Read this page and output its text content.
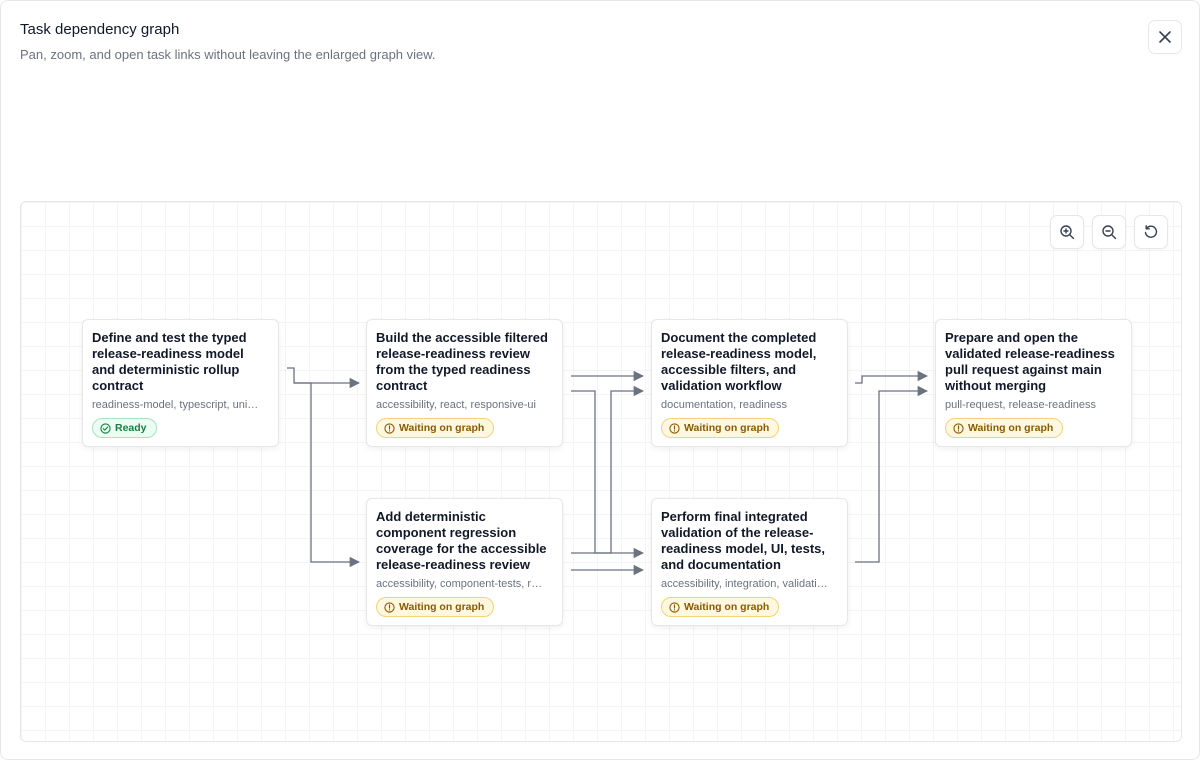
Task dependency graph
Pan, zoom, and open task links without leaving the enlarged graph view.
Define and test the typed release-readiness model and deterministic rollup contract
readiness-model, typescript, uni…
Ready
Build the accessible filtered release-readiness review from the typed readiness contract
accessibility, react, responsive-ui
Waiting on graph
Add deterministic component regression coverage for the accessible release-readiness review
accessibility, component-tests, r…
Waiting on graph
Document the completed release-readiness model, accessible filters, and validation workflow
documentation, readiness
Waiting on graph
Perform final integrated validation of the release-readiness model, UI, tests, and documentation
accessibility, integration, validati…
Waiting on graph
Prepare and open the validated release-readiness pull request against main without merging
pull-request, release-readiness
Waiting on graph
